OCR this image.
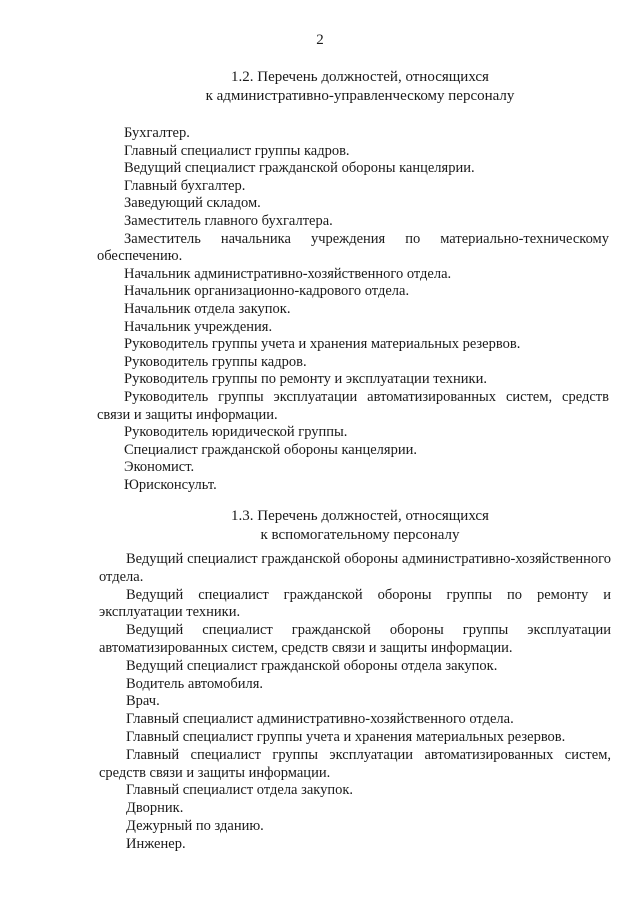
2
1.2. Перечень должностей, относящихся
к административно-управленческому персоналу
Бухгалтер.
Главный специалист группы кадров.
Ведущий специалист гражданской обороны канцелярии.
Главный бухгалтер.
Заведующий складом.
Заместитель главного бухгалтера.
Заместитель начальника учреждения по материально-техническому обеспечению.
Начальник административно-хозяйственного отдела.
Начальник организационно-кадрового отдела.
Начальник отдела закупок.
Начальник учреждения.
Руководитель группы учета и хранения материальных резервов.
Руководитель группы кадров.
Руководитель группы по ремонту и эксплуатации техники.
Руководитель группы эксплуатации автоматизированных систем, средств связи и защиты информации.
Руководитель юридической группы.
Специалист гражданской обороны канцелярии.
Экономист.
Юрисконсульт.
1.3. Перечень должностей, относящихся
к вспомогательному персоналу
Ведущий специалист гражданской обороны административно-хозяйственного отдела.
Ведущий специалист гражданской обороны группы по ремонту и эксплуатации техники.
Ведущий специалист гражданской обороны группы эксплуатации автоматизированных систем, средств связи и защиты информации.
Ведущий специалист гражданской обороны отдела закупок.
Водитель автомобиля.
Врач.
Главный специалист административно-хозяйственного отдела.
Главный специалист группы учета и хранения материальных резервов.
Главный специалист группы эксплуатации автоматизированных систем, средств связи и защиты информации.
Главный специалист отдела закупок.
Дворник.
Дежурный по зданию.
Инженер.
